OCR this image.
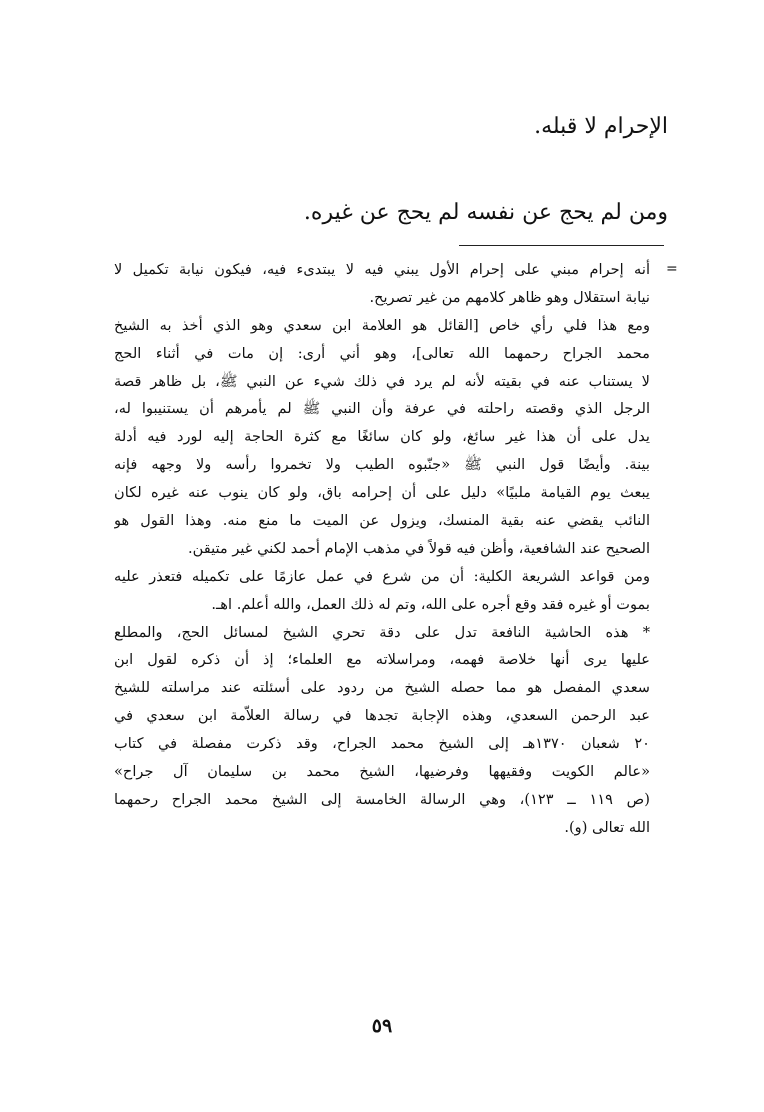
الإحرام لا قبله.
ومن لم يحج عن نفسه لم يحج عن غيره.
=
أنه إحرام مبني على إحرام الأول يبني فيه لا يبتدىء فيه، فيكون نيابة تكميل لا
نيابة استقلال وهو ظاهر كلامهم من غير تصريح.
ومع هذا فلي رأي خاص [القائل هو العلامة ابن سعدي وهو الذي أخذ به الشيخ
محمد الجراح رحمهما الله تعالى]، وهو أني أرى: إن مات في أثناء الحج
لا يستناب عنه في بقيته لأنه لم يرد في ذلك شيء عن النبي ﷺ، بل ظاهر قصة
الرجل الذي وقصته راحلته في عرفة وأن النبي ﷺ لم يأمرهم أن يستنيبوا له،
يدل على أن هذا غير سائغ، ولو كان سائغًا مع كثرة الحاجة إليه لورد فيه أدلة
بينة. وأيضًا قول النبي ﷺ «جنّبوه الطيب ولا تخمروا رأسه ولا وجهه فإنه
يبعث يوم القيامة ملبيًا» دليل على أن إحرامه باق، ولو كان ينوب عنه غيره لكان
النائب يقضي عنه بقية المنسك، ويزول عن الميت ما منع منه. وهذا القول هو
الصحيح عند الشافعية، وأظن فيه قولاً في مذهب الإمام أحمد لكني غير متيقن.
ومن قواعد الشريعة الكلية: أن من شرع في عمل عازمًا على تكميله فتعذر عليه
بموت أو غيره فقد وقع أجره على الله، وتم له ذلك العمل، والله أعلم. اهـ.
* هذه الحاشية النافعة تدل على دقة تحري الشيخ لمسائل الحج، والمطلع
عليها يرى أنها خلاصة فهمه، ومراسلاته مع العلماء؛ إذ أن ذكره لقول ابن
سعدي المفصل هو مما حصله الشيخ من ردود على أسئلته عند مراسلته للشيخ
عبد الرحمن السعدي، وهذه الإجابة تجدها في رسالة العلاّمة ابن سعدي في
٢٠ شعبان ١٣٧٠هـ إلى الشيخ محمد الجراح، وقد ذكرت مفصلة في كتاب
«عالم الكويت وفقيهها وفرضيها، الشيخ محمد بن سليمان آل جراح»
(ص ١١٩ ــ ١٢٣)، وهي الرسالة الخامسة إلى الشيخ محمد الجراح رحمهما
الله تعالى (و).
٥٩
